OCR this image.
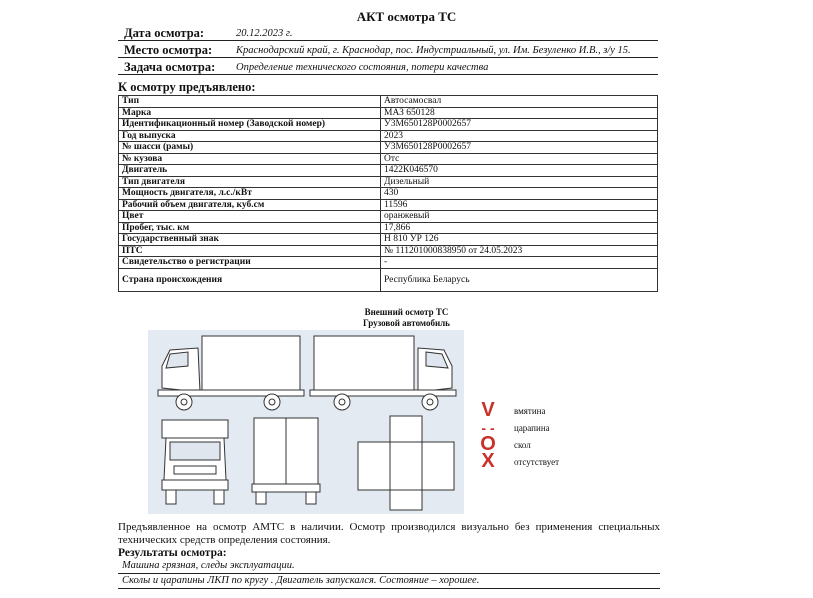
АКТ осмотра ТС
Дата осмотра:	20.12.2023 г.
Место осмотра: Краснодарский край, г. Краснодар, пос. Индустриальный, ул. Им. Безуленко И.В., з/у 15.
Задача осмотра: Определение технического состояния, потери качества
К осмотру предъявлено:
Тип	Автосамосвал
Марка	МАЗ 650128
Идентификационный номер (Заводской номер)	У3М650128Р0002657
Год выпуска	2023
№ шасси (рамы)	У3М650128Р0002657
№ кузова	Отс
Двигатель	1422К046570
Тип двигателя	Дизельный
Мощность двигателя, л.с./кВт	430
Рабочий объем двигателя, куб.см	11596
Цвет	оранжевый
Пробег, тыс. км	17,866
Государственный знак	Н 810 УР 126
ПТС	№ 111201000838950 от 24.05.2023
Свидетельство о регистрации	-
Страна происхождения	Республика Беларусь
Внешний осмотр ТС
Грузовой автомобиль
V	вмятина
- -	царапина
O скол
X	отсутствует
Предъявленное на осмотр АМТС в наличии. Осмотр производился визуально без применения специальных технических средств определения состояния.
Результаты осмотра:
Машина грязная, следы эксплуатации.
Сколы и царапины ЛКП по кругу . Двигатель запускался. Состояние – хорошее.
